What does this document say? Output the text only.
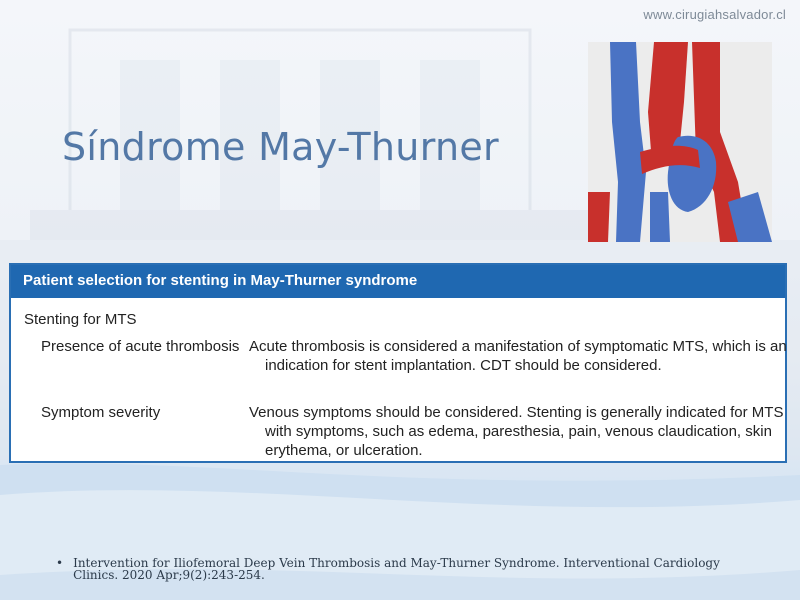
www.cirugiahsalvador.cl
Síndrome May-Thurner
Patient selection for stenting in May-Thurner syndrome
Stenting for MTS
Presence of acute thrombosis Acute thrombosis is considered a manifestation of symptomatic MTS, which is an indication for stent implantation. CDT should be considered.
Symptom severity	Venous symptoms should be considered. Stenting is generally indicated for MTS with symptoms, such as edema, paresthesia, pain, venous claudication, skin erythema, or ulceration.
• Intervention for Iliofemoral Deep Vein Thrombosis and May-Thurner Syndrome. Interventional Cardiology Clinics. 2020 Apr;9(2):243-254.
